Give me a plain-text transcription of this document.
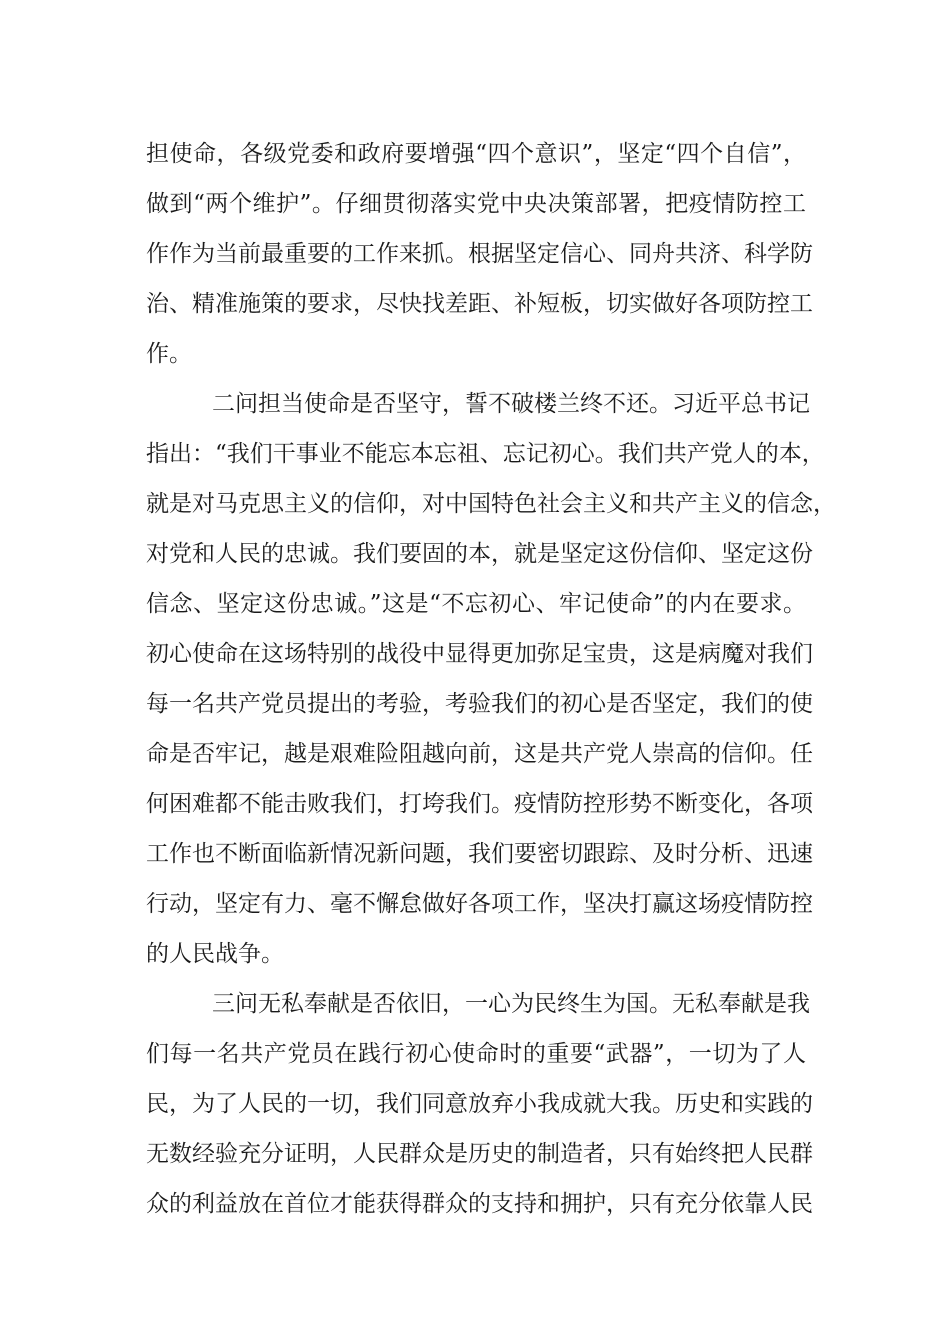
担使命，各级党委和政府要增强“四个意识”，坚定“四个自信”，
做到“两个维护”。仔细贯彻落实党中央决策部署，把疫情防控工
作作为当前最重要的工作来抓。根据坚定信心、同舟共济、科学防
治、精准施策的要求，尽快找差距、补短板，切实做好各项防控工
作。
二问担当使命是否坚守，誓不破楼兰终不还。习近平总书记
指出：“我们干事业不能忘本忘祖、忘记初心。我们共产党人的本，
就是对马克思主义的信仰，对中国特色社会主义和共产主义的信念，
对党和人民的忠诚。我们要固的本，就是坚定这份信仰、坚定这份
信念、坚定这份忠诚。”这是“不忘初心、牢记使命”的内在要求。
初心使命在这场特别的战役中显得更加弥足宝贵，这是病魔对我们
每一名共产党员提出的考验，考验我们的初心是否坚定，我们的使
命是否牢记，越是艰难险阻越向前，这是共产党人崇高的信仰。任
何困难都不能击败我们，打垮我们。疫情防控形势不断变化，各项
工作也不断面临新情况新问题，我们要密切跟踪、及时分析、迅速
行动，坚定有力、毫不懈怠做好各项工作，坚决打赢这场疫情防控
的人民战争。
三问无私奉献是否依旧，一心为民终生为国。无私奉献是我
们每一名共产党员在践行初心使命时的重要“武器”，一切为了人
民，为了人民的一切，我们同意放弃小我成就大我。历史和实践的
无数经验充分证明，人民群众是历史的制造者，只有始终把人民群
众的利益放在首位才能获得群众的支持和拥护，只有充分依靠人民
